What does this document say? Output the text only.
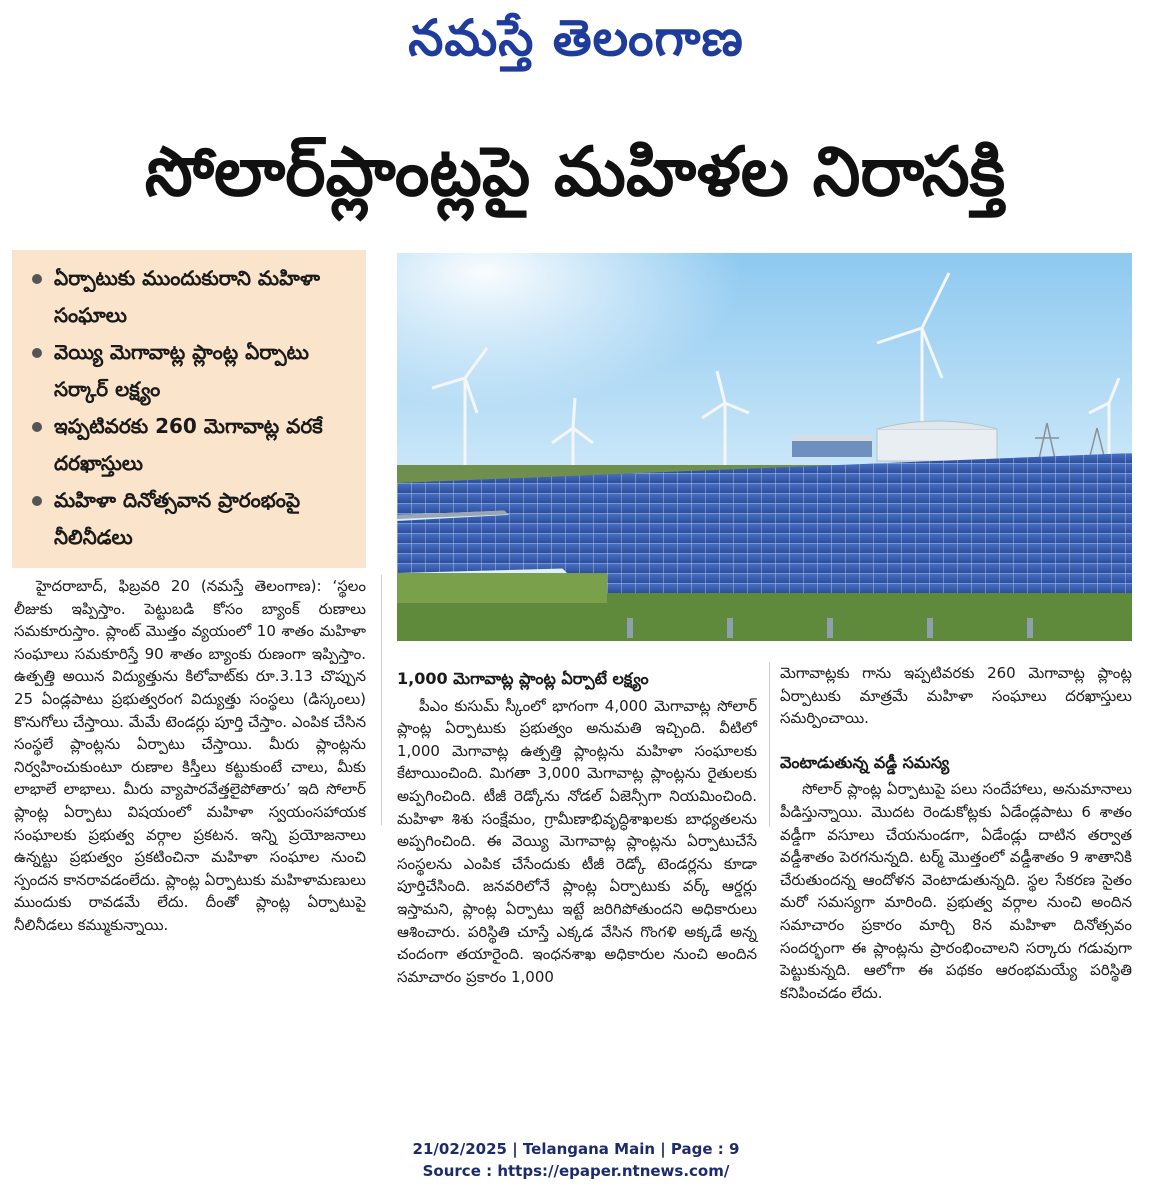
నమస్తే తెలంగాణ
సోలార్‌ప్లాంట్లపై మహిళల నిరాసక్తి
ఏర్పాటుకు ముందుకురాని మహిళా సంఘాలు
వెయ్యి మెగావాట్ల ప్లాంట్ల ఏర్పాటు సర్కార్‌ లక్ష్యం
ఇప్పటివరకు 260 మెగావాట్ల వరకే దరఖాస్తులు
మహిళా దినోత్సవాన ప్రారంభంపై నీలినీడలు

హైదరాబాద్‌, ఫిబ్రవరి 20 (నమస్తే తెలంగాణ): ‘స్థలం లీజుకు ఇప్పిస్తాం. పెట్టుబడి కోసం బ్యాంక్‌ రుణాలు సమకూరుస్తాం. ప్లాంట్‌ మొత్తం వ్యయంలో 10 శాతం మహిళా సంఘాలు సమకూరిస్తే 90 శాతం బ్యాంకు రుణంగా ఇప్పిస్తాం. ఉత్పత్తి అయిన విద్యుత్తును కిలోవాట్‌కు రూ.3.13 చొప్పున 25 ఏండ్లపాటు ప్రభుత్వరంగ విద్యుత్తు సంస్థలు (డిస్కంలు) కొనుగోలు చేస్తాయి. మేమే టెండర్లు పూర్తి చేస్తాం. ఎంపిక చేసిన సంస్థలే ప్లాంట్లను ఏర్పాటు చేస్తాయి. మీరు ప్లాంట్లను నిర్వహించుకుంటూ రుణాల కిస్తీలు కట్టుకుంటే చాలు, మీకు లాభాలే లాభాలు. మీరు వ్యాపారవేత్తలైపోతారు’ ఇది సోలార్‌ ప్లాంట్ల ఏర్పాటు విషయంలో మహిళా స్వయంసహాయక సంఘాలకు ప్రభుత్వ వర్గాల ప్రకటన. ఇన్ని ప్రయోజనాలు ఉన్నట్టు ప్రభుత్వం ప్రకటించినా మహిళా సంఘాల నుంచి స్పందన కానరావడంలేదు. ప్లాంట్ల ఏర్పాటుకు మహిళామణులు ముందుకు రావడమే లేదు. దీంతో ప్లాంట్ల ఏర్పాటుపై నీలినీడలు కమ్ముకున్నాయి.

1,000 మెగావాట్ల ప్లాంట్ల ఏర్పాటే లక్ష్యం

పీఎం కుసుమ్‌ స్కీంలో భాగంగా 4,000 మెగావాట్ల సోలార్‌ ప్లాంట్ల ఏర్పాటుకు ప్రభుత్వం అనుమతి ఇచ్చింది. వీటిలో 1,000 మెగావాట్ల ఉత్పత్తి ప్లాంట్లను మహిళా సంఘాలకు కేటాయించింది. మిగతా 3,000 మెగావాట్ల ప్లాంట్లను రైతులకు అప్పగించింది. టీజీ రెడ్కోను నోడల్‌ ఏజెన్సీగా నియమించింది. మహిళా శిశు సంక్షేమం, గ్రామీణాభివృద్ధిశాఖలకు బాధ్యతలను అప్పగించింది. ఈ వెయ్యి మెగావాట్ల ప్లాంట్లను ఏర్పాటుచేసే సంస్థలను ఎంపిక చేసేందుకు టీజీ రెడ్కో టెండర్లను కూడా పూర్తిచేసింది. జనవరిలోనే ప్లాంట్ల ఏర్పాటుకు వర్క్‌ ఆర్డర్లు ఇస్తామని, ప్లాంట్ల ఏర్పాటు ఇట్టే జరిగిపోతుందని అధికారులు ఆశించారు. పరిస్థితి చూస్తే ఎక్కడ వేసిన గొంగళి అక్కడే అన్న చందంగా తయారైంది. ఇంధనశాఖ అధికారుల నుంచి అందిన సమాచారం ప్రకారం 1,000

మెగావాట్లకు గాను ఇప్పటివరకు 260 మెగావాట్ల ప్లాంట్ల ఏర్పాటుకు మాత్రమే మహిళా సంఘాలు దరఖాస్తులు సమర్పించాయి.

వెంటాడుతున్న వడ్డీ సమస్య

సోలార్‌ ప్లాంట్ల ఏర్పాటుపై పలు సందేహాలు, అనుమానాలు పీడిస్తున్నాయి. మొదట రెండుకోట్లకు ఏడేండ్లపాటు 6 శాతం వడ్డీగా వసూలు చేయనుండగా, ఏడేండ్లు దాటిన తర్వాత వడ్డీశాతం పెరగనున్నది. టర్మ్‌ మొత్తంలో వడ్డీశాతం 9 శాతానికి చేరుతుందన్న ఆందోళన వెంటాడుతున్నది. స్థల సేకరణ సైతం మరో సమస్యగా మారింది. ప్రభుత్వ వర్గాల నుంచి అందిన సమాచారం ప్రకారం మార్చి 8న మహిళా దినోత్సవం సందర్భంగా ఈ ప్లాంట్లను ప్రారంభించాలని సర్కారు గడువుగా పెట్టుకున్నది. ఆలోగా ఈ పథకం ఆరంభమయ్యే పరిస్థితి కనిపించడం లేదు.

21/02/2025 | Telangana Main | Page : 9
Source : https://epaper.ntnews.com/
